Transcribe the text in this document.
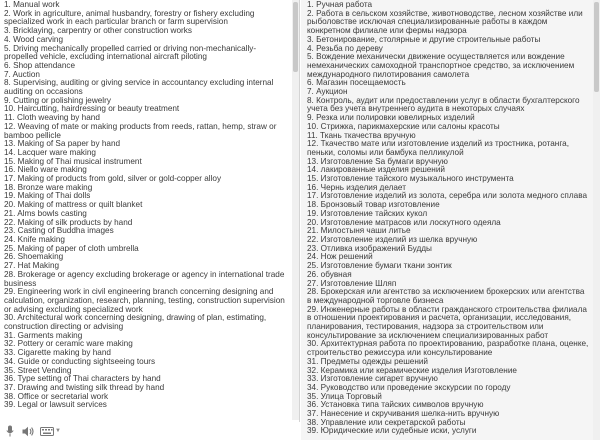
1. Manual work
2. Work in agriculture, animal husbandry, forestry or fishery excluding specialized work in each particular branch or farm supervision
3. Bricklaying, carpentry or other construction works
4. Wood carving
5. Driving mechanically propelled carried or driving non-mechanically-propelled vehicle, excluding international aircraft piloting
6. Shop attendance
7. Auction
8. Supervising, auditing or giving service in accountancy excluding internal auditing on occasions
9. Cutting or polishing jewelry
10. Haircutting, hairdressing or beauty treatment
11. Cloth weaving by hand
12. Weaving of mate or making products from reeds, rattan, hemp, straw or bamboo pellicle
13. Making of Sa paper by hand
14. Lacquer ware making
15. Making of Thai musical instrument
16. Niello ware making
17. Making of products from gold, silver or gold-copper alloy
18. Bronze ware making
19. Making of Thai dolls
20. Making of mattress or quilt blanket
21. Alms bowls casting
22. Making of silk products by hand
23. Casting of Buddha images
24. Knife making
25. Making of paper of cloth umbrella
26. Shoemaking
27. Hat Making
28. Brokerage or agency excluding brokerage or agency in international trade business
29. Engineering work in civil engineering branch concerning designing and calculation, organization, research, planning, testing, construction supervision or advising excluding specialized work
30. Architectural work concerning designing, drawing of plan, estimating, construction directing or advising
31. Garments making
32. Pottery or ceramic ware making
33. Cigarette making by hand
34. Guide or conducting sightseeing tours
35. Street Vending
36. Type setting of Thai characters by hand
37. Drawing and twisting silk thread by hand
38. Office or secretarial work
39. Legal or lawsuit services
▼
1. Ручная работа
2. Работа в сельском хозяйстве, животноводстве, лесном хозяйстве или рыболовстве исключая специализированные работы в каждом конкретном филиале или фермы надзора
3. Бетонирование, столярные и другие строительные работы
4. Резьба по дереву
5. Вождение механически движение осуществляется или вождение немеханических самоходной транспортное средство, за исключением международного пилотирования самолета
6. Магазин посещаемость
7. Аукцион
8. Контроль, аудит или предоставлении услуг в области бухгалтерского учета без учета внутреннего аудита в некоторых случаях
9. Резка или полировки ювелирных изделий
10. Стрижка, парикмахерские или салоны красоты
11. Ткань ткачества вручную
12. Ткачество мате или изготовление изделий из тростника, ротанга, пеньки, соломы или бамбука пелликулой
13. Изготовление Sa бумаги вручную
14. лакированные изделия решений
15. Изготовление тайского музыкального инструмента
16. Чернь изделия делает
17. Изготовление изделий из золота, серебра или золота медного сплава
18. Бронзовый товар изготовление
19. Изготовление тайских кукол
20. Изготовление матрасов или лоскутного одеяла
21. Милостыня чаши литье
22. Изготовление изделий из шелка вручную
23. Отливка изображений Будды
24. Нож решений
25. Изготовление бумаги ткани зонтик
26. обувная
27. Изготовление Шляп
28. Брокерская или агентство за исключением брокерских или агентства в международной торговле бизнеса
29. Инженерные работы в области гражданского строительства филиала в отношении проектирования и расчета, организации, исследования, планирования, тестирования, надзора за строительством или консультирование за исключением специализированных работ
30. Архитектурная работа по проектированию, разработке плана, оценке, строительство режиссура или консультирование
31. Предметы одежды решений
32. Керамика или керамические изделия Изготовление
33. Изготовление сигарет вручную
34. Руководство или проведение экскурсии по городу
35. Улица Торговый
36. Установка типа тайских символов вручную
37. Нанесение и скручивания шелка-нить вручную
38. Управление или секретарской работы
39. Юридические или судебные иски, услуги
